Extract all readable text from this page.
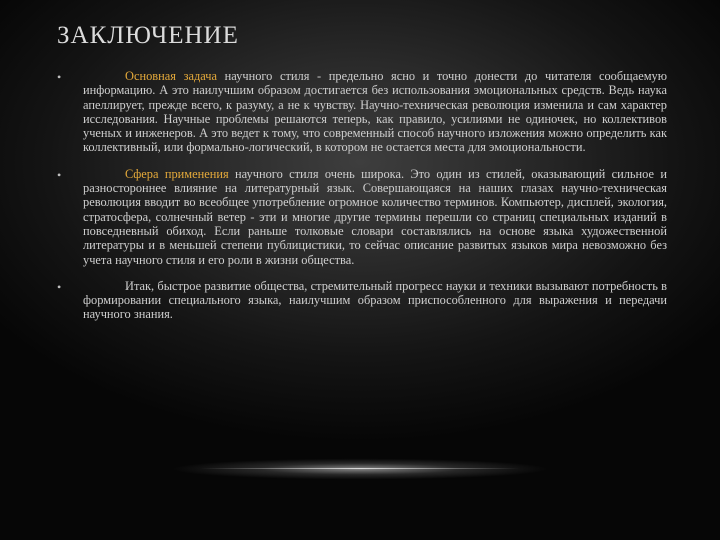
ЗАКЛЮЧЕНИЕ
•	Основная задача научного стиля - предельно ясно и точно донести до читателя сообщаемую информацию. А это наилучшим образом достигается без использования эмоциональных средств. Ведь наука апеллирует, прежде всего, к разуму, а не к чувству. Научно-техническая революция изменила и сам характер исследования. Научные проблемы решаются теперь, как правило, усилиями не одиночек, но коллективов ученых и инженеров. А это ведет к тому, что современный способ научного изложения можно определить как коллективный, или формально-логический, в котором не остается места для эмоциональности.
•	Сфера применения научного стиля очень широка. Это один из стилей, оказывающий сильное и разностороннее влияние на литературный язык. Совершающаяся на наших глазах научно-техническая революция вводит во всеобщее употребление огромное количество терминов. Компьютер, дисплей, экология, стратосфера, солнечный ветер - эти и многие другие термины перешли со страниц специальных изданий в повседневный обиход. Если раньше толковые словари составлялись на основе языка художественной литературы и в меньшей степени публицистики, то сейчас описание развитых языков мира невозможно без учета научного стиля и его роли в жизни общества.
•	Итак, быстрое развитие общества, стремительный прогресс науки и техники вызывают потребность в формировании специального языка, наилучшим образом приспособленного для выражения и передачи научного знания.
